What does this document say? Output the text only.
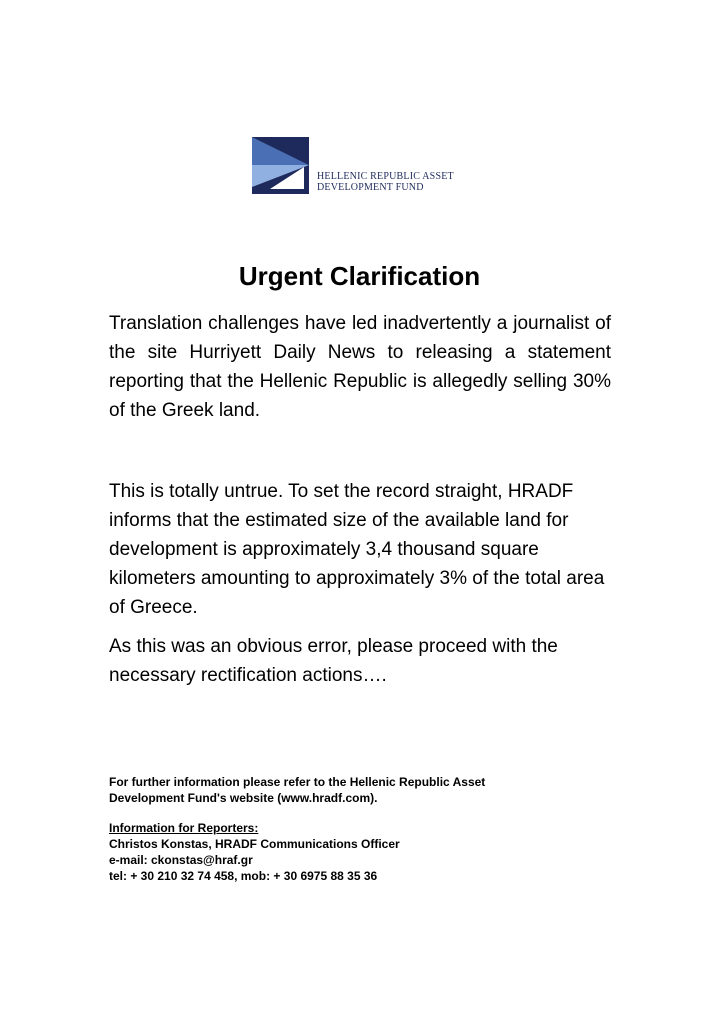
HELLENIC REPUBLIC ASSET
DEVELOPMENT FUND
Urgent Clarification

Translation challenges have led inadvertently a journalist of the site Hurriyett Daily News to releasing a statement reporting that the Hellenic Republic is allegedly selling 30% of the Greek land.

This is totally untrue. To set the record straight, HRADF informs that the estimated size of the available land for development is approximately 3,4 thousand square kilometers amounting to approximately 3% of the total area of Greece.

As this was an obvious error, please proceed with the necessary rectification actions….

For further information please refer to the Hellenic Republic Asset
Development Fund's website (www.hradf.com).
Information for Reporters:
Christos Konstas, HRADF Communications Officer
e-mail: ckonstas@hraf.gr
tel: + 30 210 32 74 458, mob: + 30 6975 88 35 36
